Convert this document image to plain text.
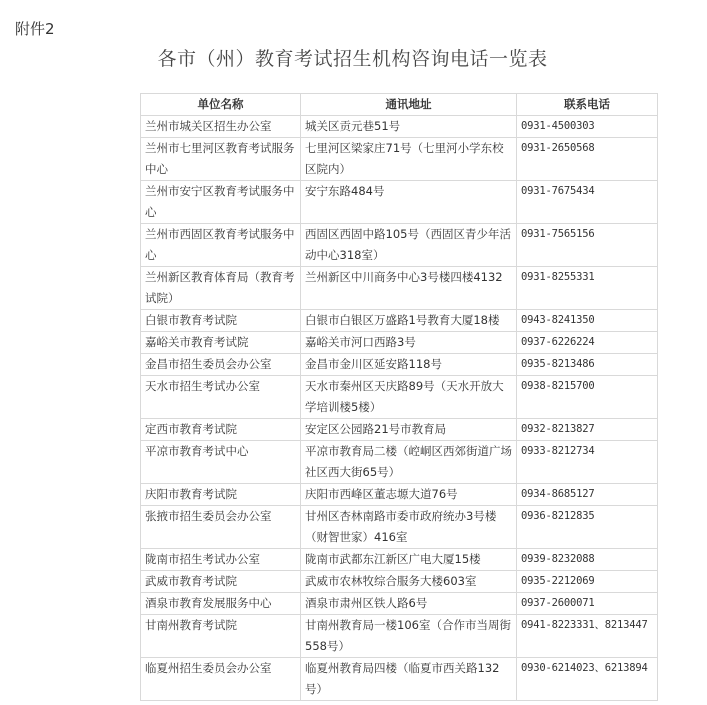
附件2
各市（州）教育考试招生机构咨询电话一览表
单位名称	通讯地址	联系电话
兰州市城关区招生办公室	城关区贡元巷51号	0931-4500303
兰州市七里河区教育考试服务中心	七里河区梁家庄71号（七里河小学东校区院内）	0931-2650568
兰州市安宁区教育考试服务中心	安宁东路484号	0931-7675434
兰州市西固区教育考试服务中心	西固区西固中路105号（西固区青少年活动中心318室）	0931-7565156
兰州新区教育体育局（教育考试院）	兰州新区中川商务中心3号楼四楼4132	0931-8255331
白银市教育考试院	白银市白银区万盛路1号教育大厦18楼	0943-8241350
嘉峪关市教育考试院	嘉峪关市河口西路3号	0937-6226224
金昌市招生委员会办公室	金昌市金川区延安路118号	0935-8213486
天水市招生考试办公室	天水市秦州区天庆路89号（天水开放大学培训楼5楼）	0938-8215700
定西市教育考试院	安定区公园路21号市教育局	0932-8213827
平凉市教育考试中心	平凉市教育局二楼（崆峒区西郊街道广场社区西大街65号）	0933-8212734
庆阳市教育考试院	庆阳市西峰区董志塬大道76号	0934-8685127
张掖市招生委员会办公室	甘州区杏林南路市委市政府统办3号楼（财智世家）416室	0936-8212835
陇南市招生考试办公室	陇南市武都东江新区广电大厦15楼	0939-8232088
武威市教育考试院	武威市农林牧综合服务大楼603室	0935-2212069
酒泉市教育发展服务中心	酒泉市肃州区铁人路6号	0937-2600071
甘南州教育考试院	甘南州教育局一楼106室（合作市当周街558号）	0941-8223331、8213447
临夏州招生委员会办公室	临夏州教育局四楼（临夏市西关路132号）	0930-6214023、6213894
